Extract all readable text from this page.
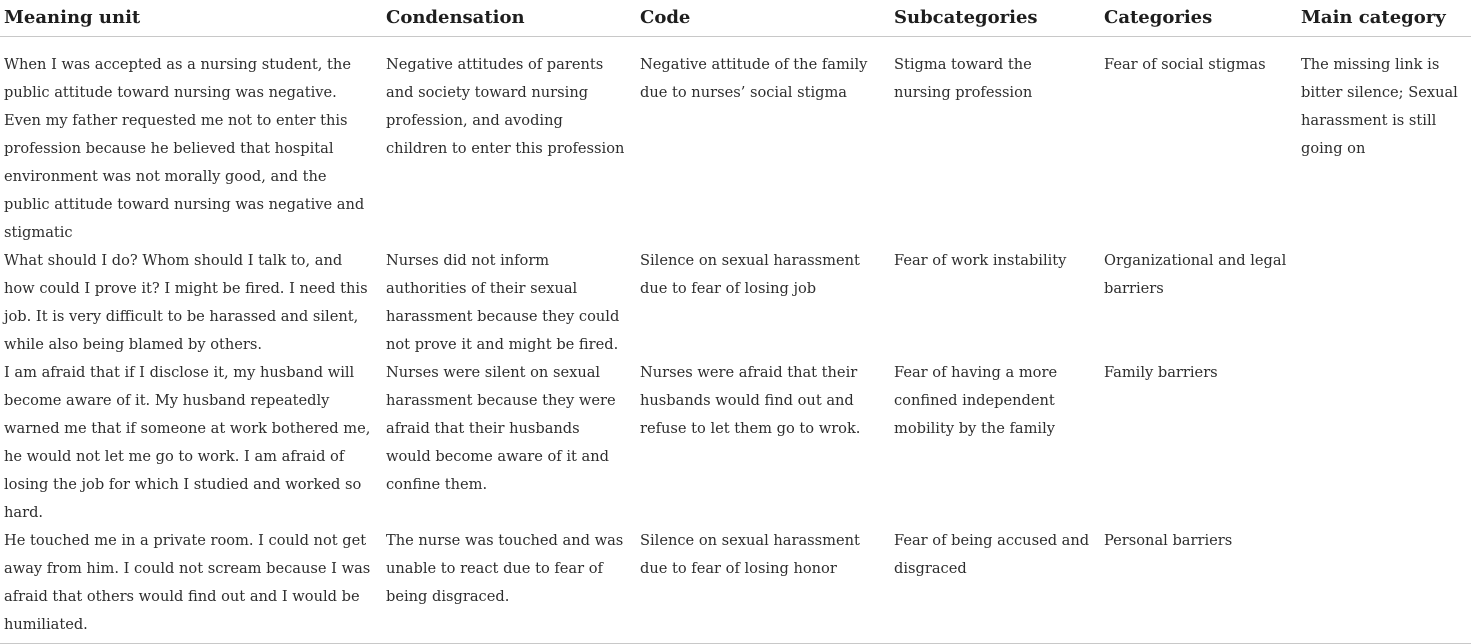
Meaning unit	Condensation	Code	Subcategories	Categories	Main category
When I was accepted as a nursing student, the public attitude toward nursing was negative. Even my father requested me not to enter this profession because he believed that hospital environment was not morally good, and the public attitude toward nursing was negative and stigmatic	Negative attitudes of parents and society toward nursing profession, and avoding children to enter this profession	Negative attitude of the family due to nurses’ social stigma	Stigma toward the nursing profession	Fear of social stigmas	The missing link is bitter silence; Sexual harassment is still going on
What should I do? Whom should I talk to, and how could I prove it? I might be fired. I need this job. It is very difficult to be harassed and silent, while also being blamed by others.	Nurses did not inform authorities of their sexual harassment because they could not prove it and might be fired.	Silence on sexual harassment due to fear of losing job	Fear of work instability	Organizational and legal barriers	
I am afraid that if I disclose it, my husband will become aware of it. My husband repeatedly warned me that if someone at work bothered me, he would not let me go to work. I am afraid of losing the job for which I studied and worked so hard.	Nurses were silent on sexual harassment because they were afraid that their husbands would become aware of it and confine them.	Nurses were afraid that their husbands would find out and refuse to let them go to wrok.	Fear of having a more confined independent mobility by the family	Family barriers	
He touched me in a private room. I could not get away from him. I could not scream because I was afraid that others would find out and I would be humiliated.	The nurse was touched and was unable to react due to fear of being disgraced.	Silence on sexual harassment due to fear of losing honor	Fear of being accused and disgraced	Personal barriers	
